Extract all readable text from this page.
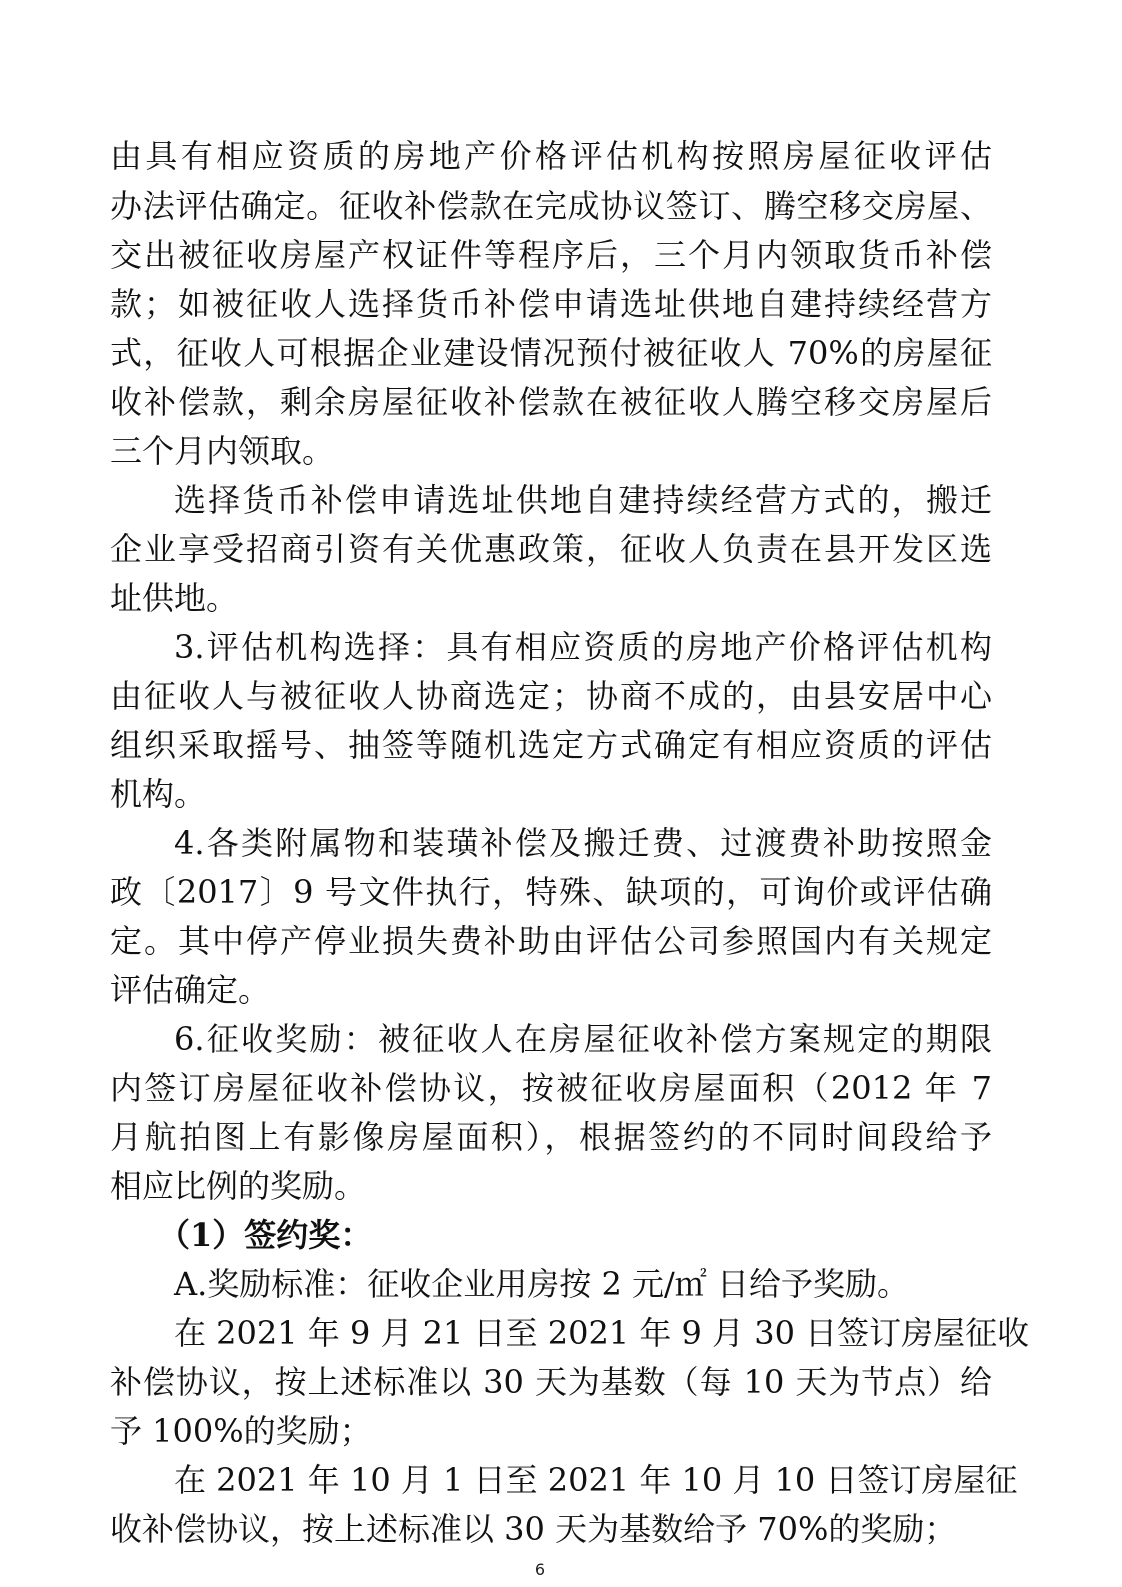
由具有相应资质的房地产价格评估机构按照房屋征收评估
办法评估确定。征收补偿款在完成协议签订、腾空移交房屋、
交出被征收房屋产权证件等程序后，三个月内领取货币补偿
款；如被征收人选择货币补偿申请选址供地自建持续经营方
式，征收人可根据企业建设情况预付被征收人 70%的房屋征
收补偿款，剩余房屋征收补偿款在被征收人腾空移交房屋后
三个月内领取。
选择货币补偿申请选址供地自建持续经营方式的，搬迁
企业享受招商引资有关优惠政策，征收人负责在县开发区选
址供地。
3.评估机构选择：具有相应资质的房地产价格评估机构
由征收人与被征收人协商选定；协商不成的，由县安居中心
组织采取摇号、抽签等随机选定方式确定有相应资质的评估
机构。
4.各类附属物和装璜补偿及搬迁费、过渡费补助按照金
政〔2017〕9 号文件执行，特殊、缺项的，可询价或评估确
定。其中停产停业损失费补助由评估公司参照国内有关规定
评估确定。
6.征收奖励：被征收人在房屋征收补偿方案规定的期限
内签订房屋征收补偿协议，按被征收房屋面积（2012 年 7
月航拍图上有影像房屋面积），根据签约的不同时间段给予
相应比例的奖励。
（1）签约奖：
A.奖励标准：征收企业用房按 2 元/㎡ 日给予奖励。
在 2021 年 9 月 21 日至 2021 年 9 月 30 日签订房屋征收
补偿协议，按上述标准以 30 天为基数（每 10 天为节点）给
予 100%的奖励；
在 2021 年 10 月 1 日至 2021 年 10 月 10 日签订房屋征
收补偿协议，按上述标准以 30 天为基数给予 70%的奖励；
6
